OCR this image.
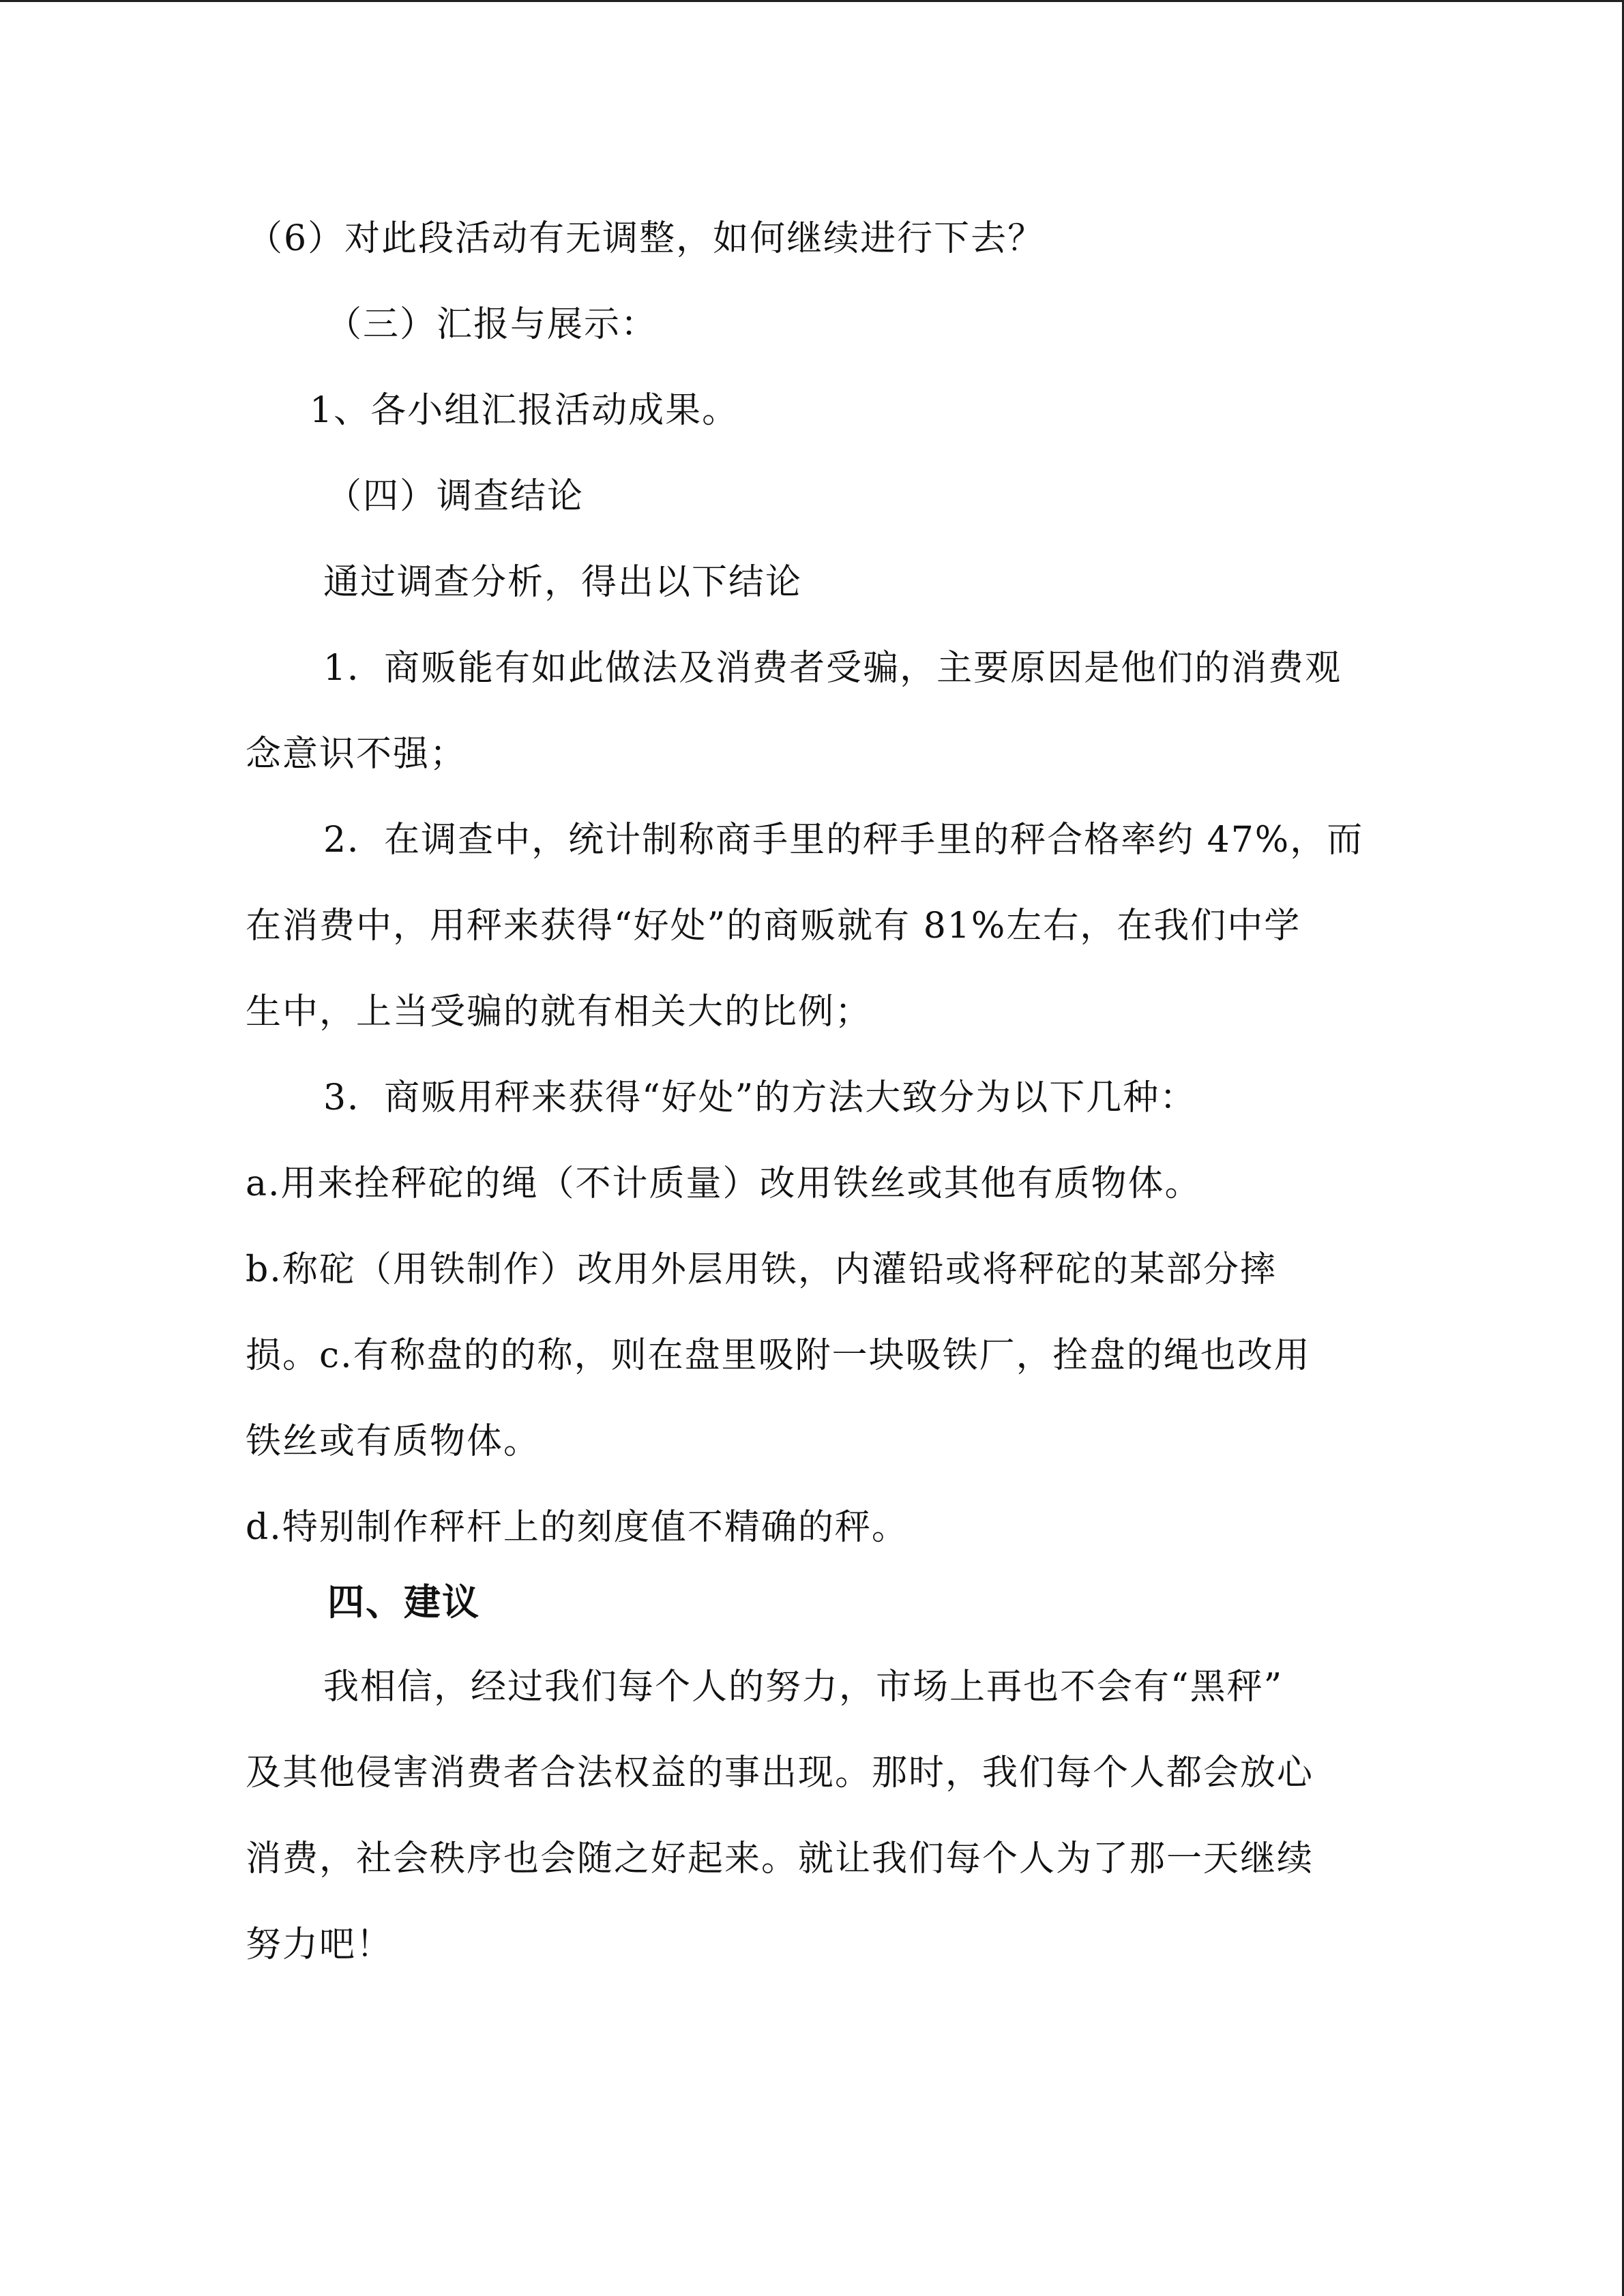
（6）对此段活动有无调整，如何继续进行下去？
（三）汇报与展示：
1、各小组汇报活动成果。
（四）调查结论
通过调查分析，得出以下结论
1．商贩能有如此做法及消费者受骗，主要原因是他们的消费观
念意识不强；
2．在调查中，统计制称商手里的秤手里的秤合格率约 47%，而
在消费中，用秤来获得“好处”的商贩就有 81%左右，在我们中学
生中，上当受骗的就有相关大的比例；
3．商贩用秤来获得“好处”的方法大致分为以下几种：
a.用来拴秤砣的绳（不计质量）改用铁丝或其他有质物体。
b.称砣（用铁制作）改用外层用铁，内灌铅或将秤砣的某部分摔
损。c.有称盘的的称，则在盘里吸附一块吸铁厂，拴盘的绳也改用
铁丝或有质物体。
d.特别制作秤杆上的刻度值不精确的秤。
四、建议
我相信，经过我们每个人的努力，市场上再也不会有“黑秤”
及其他侵害消费者合法权益的事出现。那时，我们每个人都会放心
消费，社会秩序也会随之好起来。就让我们每个人为了那一天继续
努力吧！
